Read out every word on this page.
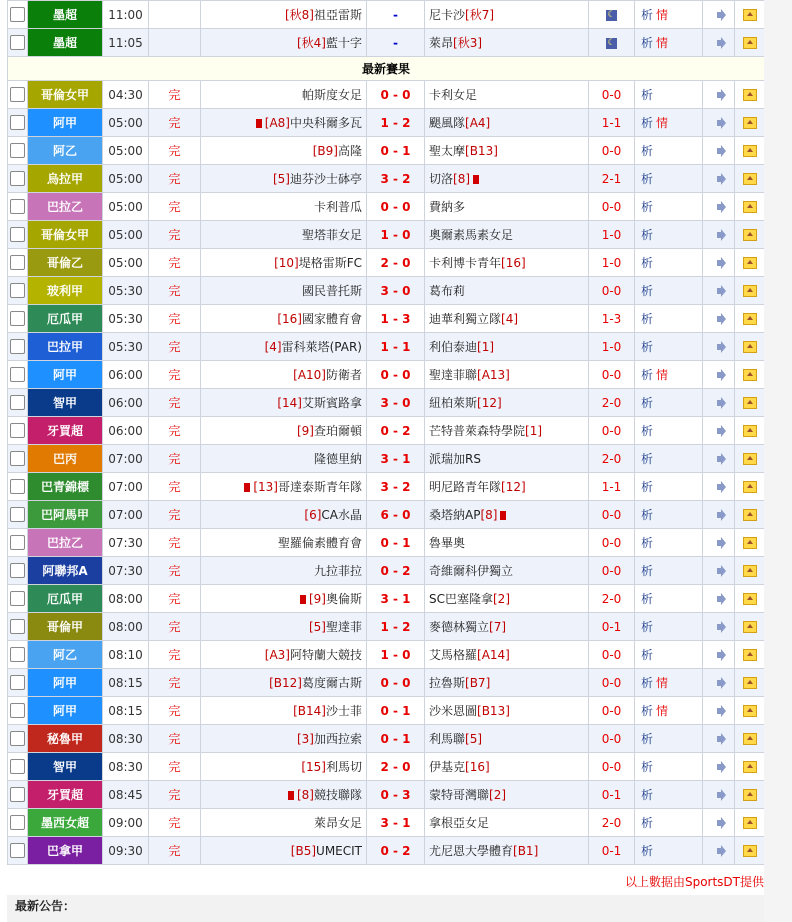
	墨超	11:00		[秋8]祖亞雷斯	-	尼卡沙[秋7]	☾	析 情		
	墨超	11:05		[秋4]藍十字	-	萊昂[秋3]	☾	析 情		
最新賽果										
	哥倫女甲	04:30	完	帕斯度女足	0 - 0	卡利女足	0-0	析		
	阿甲	05:00	完	[A8]中央科爾多瓦	1 - 2	颶風隊[A4]	1-1	析 情		
	阿乙	05:00	完	[B9]高隆	0 - 1	聖太摩[B13]	0-0	析		
	烏拉甲	05:00	完	[5]迪芬沙士砵亭	3 - 2	切洛[8]	2-1	析		
	巴拉乙	05:00	完	卡利普瓜	0 - 0	費納多	0-0	析		
	哥倫女甲	05:00	完	聖塔菲女足	1 - 0	奧爾素馬素女足	1-0	析		
	哥倫乙	05:00	完	[10]堤格雷斯FC	2 - 0	卡利博卡青年[16]	1-0	析		
	玻利甲	05:30	完	國民普托斯	3 - 0	葛布莉	0-0	析		
	厄瓜甲	05:30	完	[16]國家體育會	1 - 3	迪華利獨立隊[4]	1-3	析		
	巴拉甲	05:30	完	[4]雷科萊塔(PAR)	1 - 1	利伯泰迪[1]	1-0	析		
	阿甲	06:00	完	[A10]防衛者	0 - 0	聖達菲聯[A13]	0-0	析 情		
	智甲	06:00	完	[14]艾斯賓路拿	3 - 0	紐柏萊斯[12]	2-0	析		
	牙買超	06:00	完	[9]查珀爾頓	0 - 2	芒特普萊森特學院[1]	0-0	析		
	巴丙	07:00	完	隆德里納	3 - 1	派瑞加RS	2-0	析		
	巴青錦標	07:00	完	[13]哥達泰斯青年隊	3 - 2	明尼路青年隊[12]	1-1	析		
	巴阿馬甲	07:00	完	[6]CA水晶	6 - 0	桑塔納AP[8]	0-0	析		
	巴拉乙	07:30	完	聖羅倫素體育會	0 - 1	魯畢奧	0-0	析		
	阿聯邦A	07:30	完	九拉菲拉	0 - 2	奇維爾科伊獨立	0-0	析		
	厄瓜甲	08:00	完	[9]奧倫斯	3 - 1	SC巴塞隆拿[2]	2-0	析		
	哥倫甲	08:00	完	[5]聖達菲	1 - 2	麥德林獨立[7]	0-1	析		
	阿乙	08:10	完	[A3]阿特蘭大競技	1 - 0	艾馬格羅[A14]	0-0	析		
	阿甲	08:15	完	[B12]葛度爾古斯	0 - 0	拉魯斯[B7]	0-0	析 情		
	阿甲	08:15	完	[B14]沙士菲	0 - 1	沙米恩圖[B13]	0-0	析 情		
	秘魯甲	08:30	完	[3]加西拉索	0 - 1	利馬聯[5]	0-0	析		
	智甲	08:30	完	[15]利馬切	2 - 0	伊基克[16]	0-0	析		
	牙買超	08:45	完	[8]競技聯隊	0 - 3	蒙特哥灣聯[2]	0-1	析		
	墨西女超	09:00	完	萊昂女足	3 - 1	拿根亞女足	2-0	析		
	巴拿甲	09:30	完	[B5]UMECIT	0 - 2	尤尼恩大學體育[B1]	0-1	析		
以上數据由SportsDT提供
最新公告：
